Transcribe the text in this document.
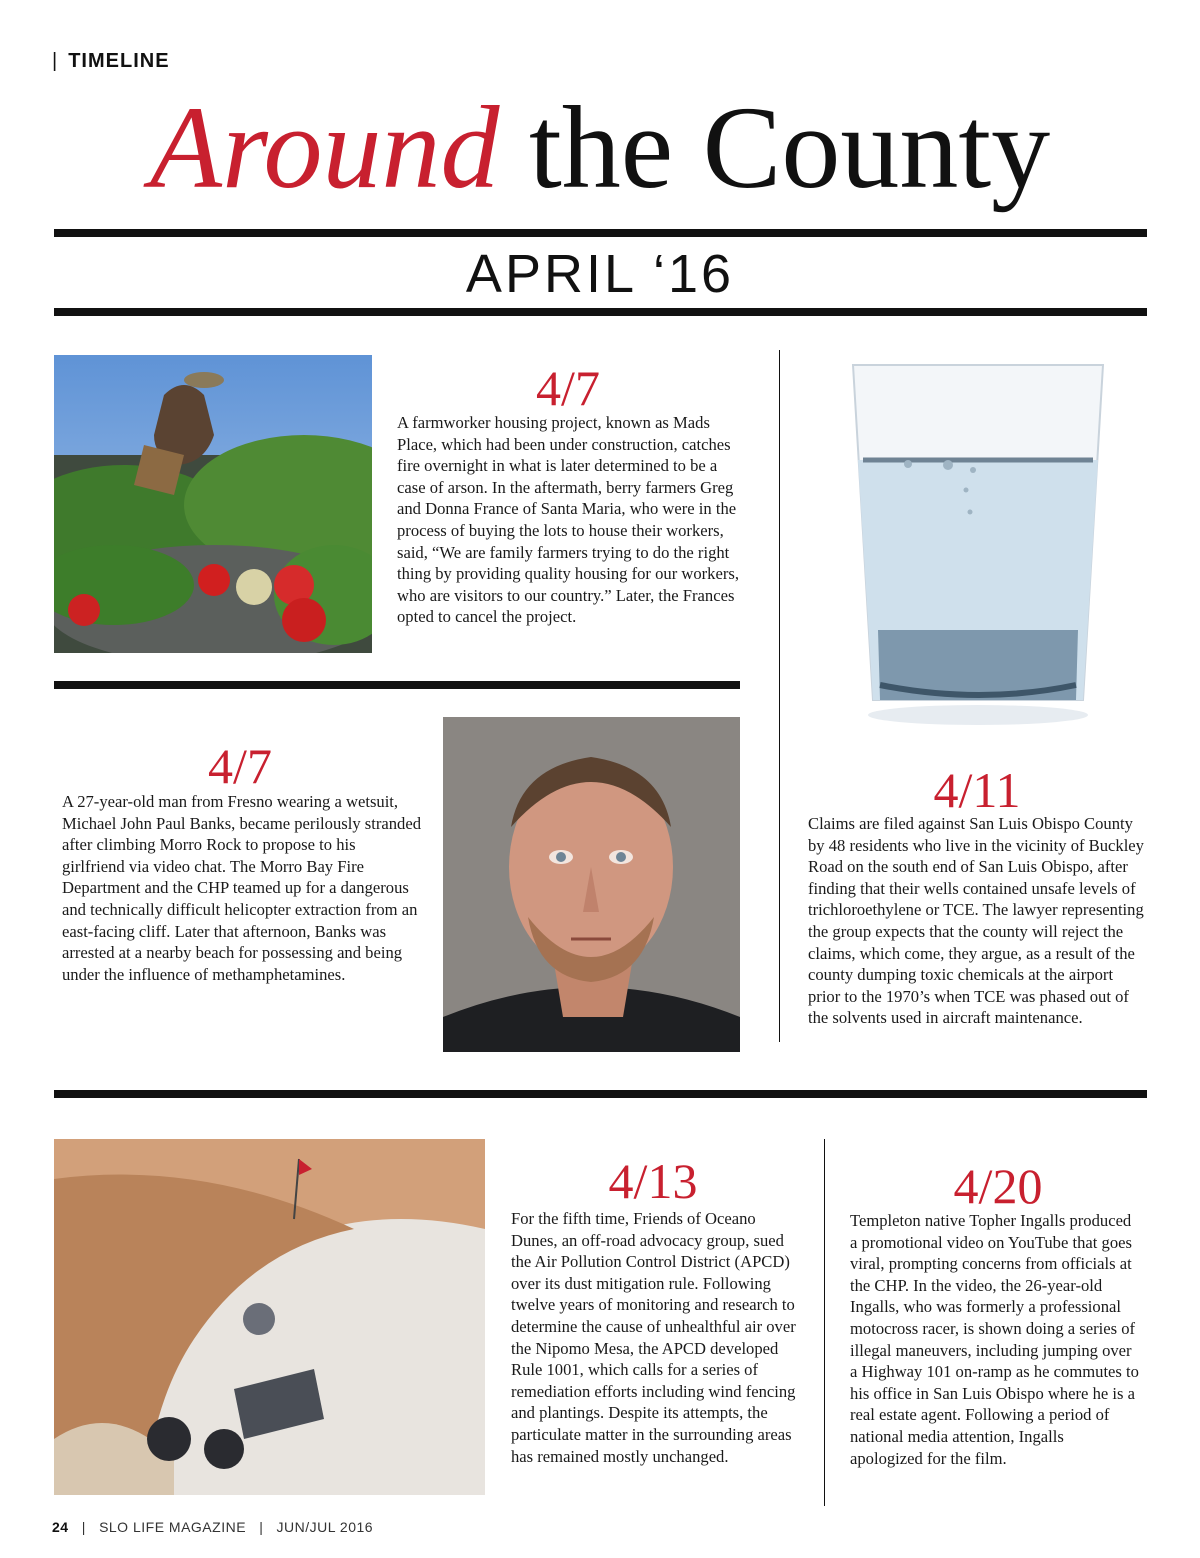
| TIMELINE
Around the County
APRIL ‘16
4/7
A farmworker housing project, known as Mads Place, which had been under construction, catches fire overnight in what is later determined to be a case of arson. In the aftermath, berry farmers Greg and Donna France of Santa Maria, who were in the process of buying the lots to house their workers, said, “We are family farmers trying to do the right thing by providing quality housing for our workers, who are visitors to our country.” Later, the Frances opted to cancel the project.
4/7
A 27-year-old man from Fresno wearing a wetsuit, Michael John Paul Banks, became perilously stranded after climbing Morro Rock to propose to his girlfriend via video chat. The Morro Bay Fire Department and the CHP teamed up for a dangerous and technically difficult helicopter extraction from an east-facing cliff. Later that afternoon, Banks was arrested at a nearby beach for possessing and being under the influence of methamphetamines.
4/11
Claims are filed against San Luis Obispo County by 48 residents who live in the vicinity of Buckley Road on the south end of San Luis Obispo, after finding that their wells contained unsafe levels of trichloroethylene or TCE. The lawyer representing the group expects that the county will reject the claims, which come, they argue, as a result of the county dumping toxic chemicals at the airport prior to the 1970’s when TCE was phased out of the solvents used in aircraft maintenance.
4/13
For the fifth time, Friends of Oceano Dunes, an off-road advocacy group, sued the Air Pollution Control District (APCD) over its dust mitigation rule. Following twelve years of monitoring and research to determine the cause of unhealthful air over the Nipomo Mesa, the APCD developed Rule 1001, which calls for a series of remediation efforts including wind fencing and plantings. Despite its attempts, the particulate matter in the surrounding areas has remained mostly unchanged.
4/20
Templeton native Topher Ingalls produced a promotional video on YouTube that goes viral, prompting concerns from officials at the CHP. In the video, the 26-year-old Ingalls, who was formerly a professional motocross racer, is shown doing a series of illegal maneuvers, including jumping over a Highway 101 on-ramp as he commutes to his office in San Luis Obispo where he is a real estate agent. Following a period of national media attention, Ingalls apologized for the film.
24   |   SLO LIFE MAGAZINE   |   JUN/JUL 2016
